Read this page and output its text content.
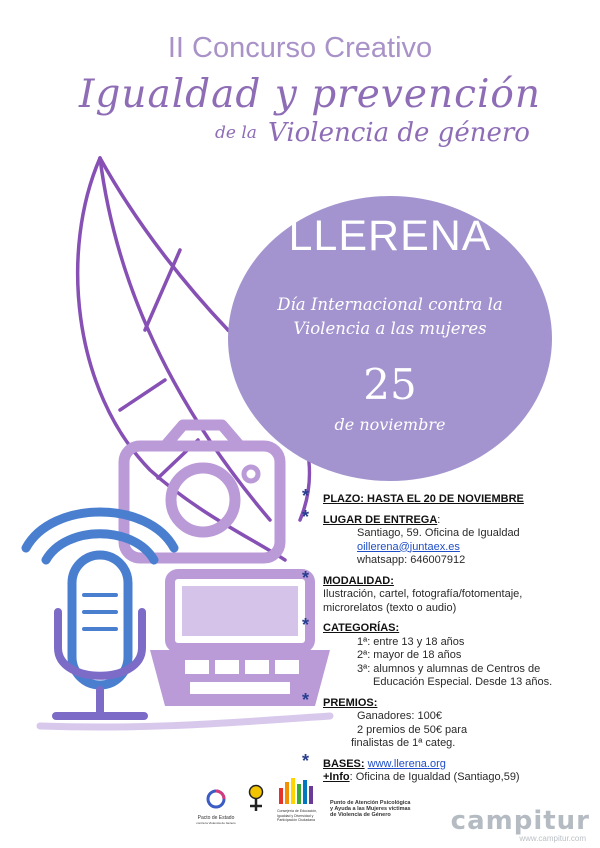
II Concurso Creativo
Igualdad y prevención
de la Violencia de género
LLERENA
Día Internacional contra la
Violencia a las mujeres
25
de noviembre
* PLAZO: HASTA EL 20 DE NOVIEMBRE
* LUGAR DE ENTREGA:
Santiago, 59. Oficina de Igualdad
oillerena@juntaex.es
whatsapp: 646007912
* MODALIDAD:
Ilustración, cartel, fotografía/fotomentaje,
microrelatos (texto o audio)
* CATEGORÍAS:
1ª: entre 13 y 18 años
2ª: mayor de 18 años
3ª: alumnos y alumnas de Centros de
Educación Especial. Desde 13 años.
* PREMIOS:
Ganadores: 100€
2 premios de 50€ para
finalistas de 1ª categ.
* BASES: www.llerena.org
+Info: Oficina de Igualdad (Santiago,59)
Pacto de Estado
contra la Violencia de Género
Consejería de Educación, Igualdad y Diversidad y Participación Ciudadana
Punto de Atención Psicológica
y Ayuda a las Mujeres víctimas
de Violencia de Género	campitur
www.campitur.com
